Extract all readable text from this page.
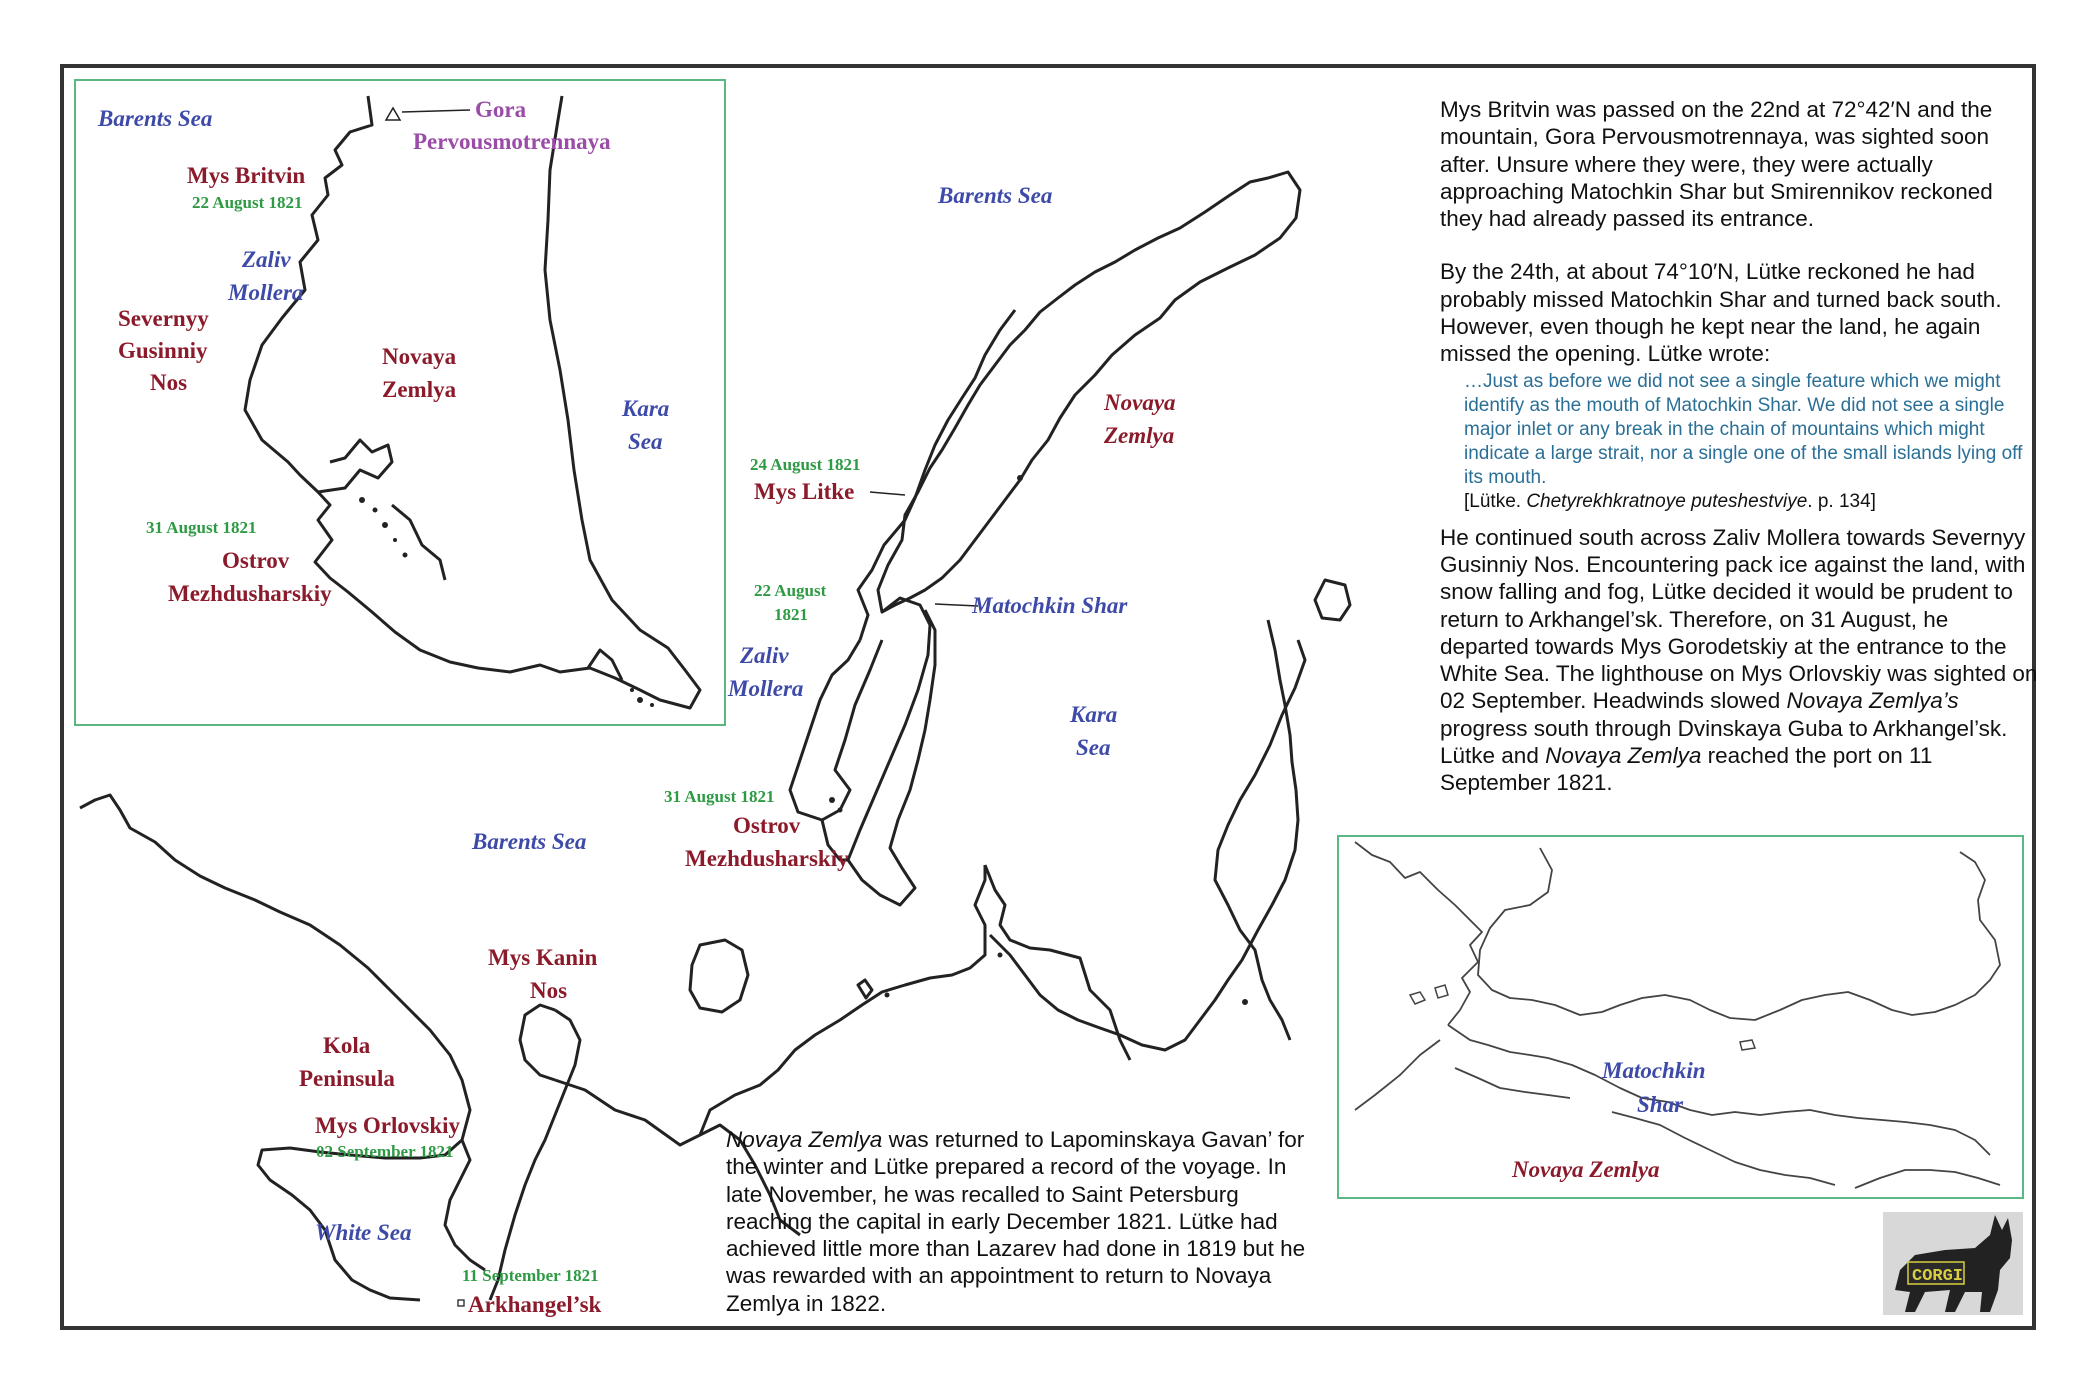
Barents Sea	Gora
Pervousmotrennaya
Mys Britvin
22 August 1821
Zaliv
Mollera
Severnyy
Gusinniy
Nos
Novaya
Zemlya
Kara
Sea
31 August 1821
Ostrov
Mezhdusharskiy
Barents Sea
Novaya
Zemlya
24 August 1821
Mys Litke
22 August
1821	Matochkin Shar
Zaliv
Mollera
Kara
Sea
31 August 1821
Ostrov
Mezhdusharskiy
Barents Sea
Mys Kanin
Nos
Kola
Peninsula
Mys Orlovskiy
02 September 1821
White Sea
11 September 1821
Arkhangel’sk
Matochkin
Shar
Novaya Zemlya
CORGI

Mys Britvin was passed on the 22nd at 72°42′N and the mountain, Gora Pervousmotrennaya, was sighted soon after. Unsure where they were, they were actually approaching Matochkin Shar but Smirennikov reckoned they had already passed its entrance.

By the 24th, at about 74°10′N, Lütke reckoned he had probably missed Matochkin Shar and turned back south. However, even though he kept near the land, he again missed the opening. Lütke wrote:

…Just as before we did not see a single feature which we might identify as the mouth of Matochkin Shar. We did not see a single major inlet or any break in the chain of mountains which might indicate a large strait, nor a single one of the small islands lying off its mouth.

[Lütke. Chetyrekhkratnoye puteshestviye. p. 134]

He continued south across Zaliv Mollera towards Severnyy Gusinniy Nos. Encountering pack ice against the land, with snow falling and fog, Lütke decided it would be prudent to return to Arkhangel’sk. Therefore, on 31 August, he departed towards Mys Gorodetskiy at the entrance to the White Sea. The lighthouse on Mys Orlovskiy was sighted on 02 September. Headwinds slowed Novaya Zemlya’s progress south through Dvinskaya Guba to Arkhangel’sk. Lütke and Novaya Zemlya reached the port on 11 September 1821.

Novaya Zemlya was returned to Lapominskaya Gavan’ for the winter and Lütke prepared a record of the voyage. In late November, he was recalled to Saint Petersburg reaching the capital in early December 1821. Lütke had achieved little more than Lazarev had done in 1819 but he was rewarded with an appointment to return to Novaya Zemlya in 1822.
